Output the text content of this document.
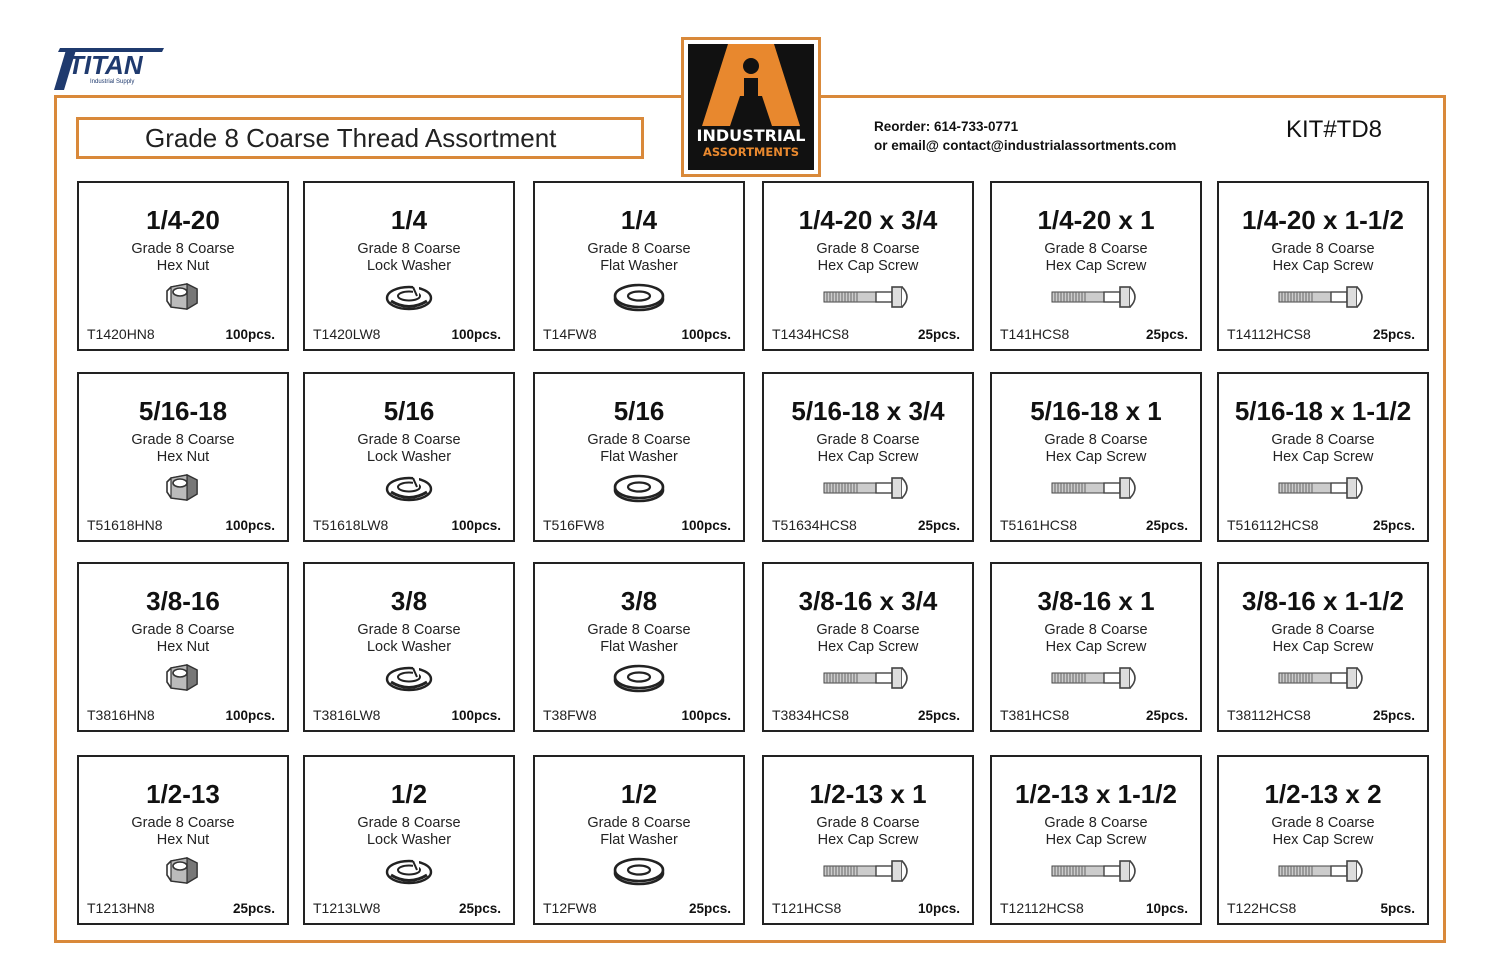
TITAN
Industrial Supply
Grade 8 Coarse Thread Assortment	INDUSTRIAL
ASSORTMENTS
Reorder: 614-733-0771
or email@ contact@industrialassortments.com
KIT#TD8
1/4-20
Grade 8 Coarse
Hex Nut
T1420HN8	100pcs.
1/4
Grade 8 Coarse
Lock Washer
T1420LW8	100pcs.
1/4
Grade 8 Coarse
Flat Washer
T14FW8	100pcs.
1/4-20 x 3/4
Grade 8 Coarse
Hex Cap Screw
T1434HCS8	25pcs.
1/4-20 x 1
Grade 8 Coarse
Hex Cap Screw
T141HCS8	25pcs.
1/4-20 x 1-1/2
Grade 8 Coarse
Hex Cap Screw
T14112HCS8	25pcs.
5/16-18
Grade 8 Coarse
Hex Nut
T51618HN8	100pcs.
5/16
Grade 8 Coarse
Lock Washer
T51618LW8	100pcs.
5/16
Grade 8 Coarse
Flat Washer
T516FW8	100pcs.
5/16-18 x 3/4
Grade 8 Coarse
Hex Cap Screw
T51634HCS8	25pcs.
5/16-18 x 1
Grade 8 Coarse
Hex Cap Screw
T5161HCS8	25pcs.
5/16-18 x 1-1/2
Grade 8 Coarse
Hex Cap Screw
T516112HCS8	25pcs.
3/8-16
Grade 8 Coarse
Hex Nut
T3816HN8	100pcs.
3/8
Grade 8 Coarse
Lock Washer
T3816LW8	100pcs.
3/8
Grade 8 Coarse
Flat Washer
T38FW8	100pcs.
3/8-16 x 3/4
Grade 8 Coarse
Hex Cap Screw
T3834HCS8	25pcs.
3/8-16 x 1
Grade 8 Coarse
Hex Cap Screw
T381HCS8	25pcs.
3/8-16 x 1-1/2
Grade 8 Coarse
Hex Cap Screw
T38112HCS8	25pcs.
1/2-13
Grade 8 Coarse
Hex Nut
T1213HN8	25pcs.
1/2
Grade 8 Coarse
Lock Washer
T1213LW8	25pcs.
1/2
Grade 8 Coarse
Flat Washer
T12FW8	25pcs.
1/2-13 x 1
Grade 8 Coarse
Hex Cap Screw
T121HCS8	10pcs.
1/2-13 x 1-1/2
Grade 8 Coarse
Hex Cap Screw
T12112HCS8	10pcs.
1/2-13 x 2
Grade 8 Coarse
Hex Cap Screw
T122HCS8	5pcs.
